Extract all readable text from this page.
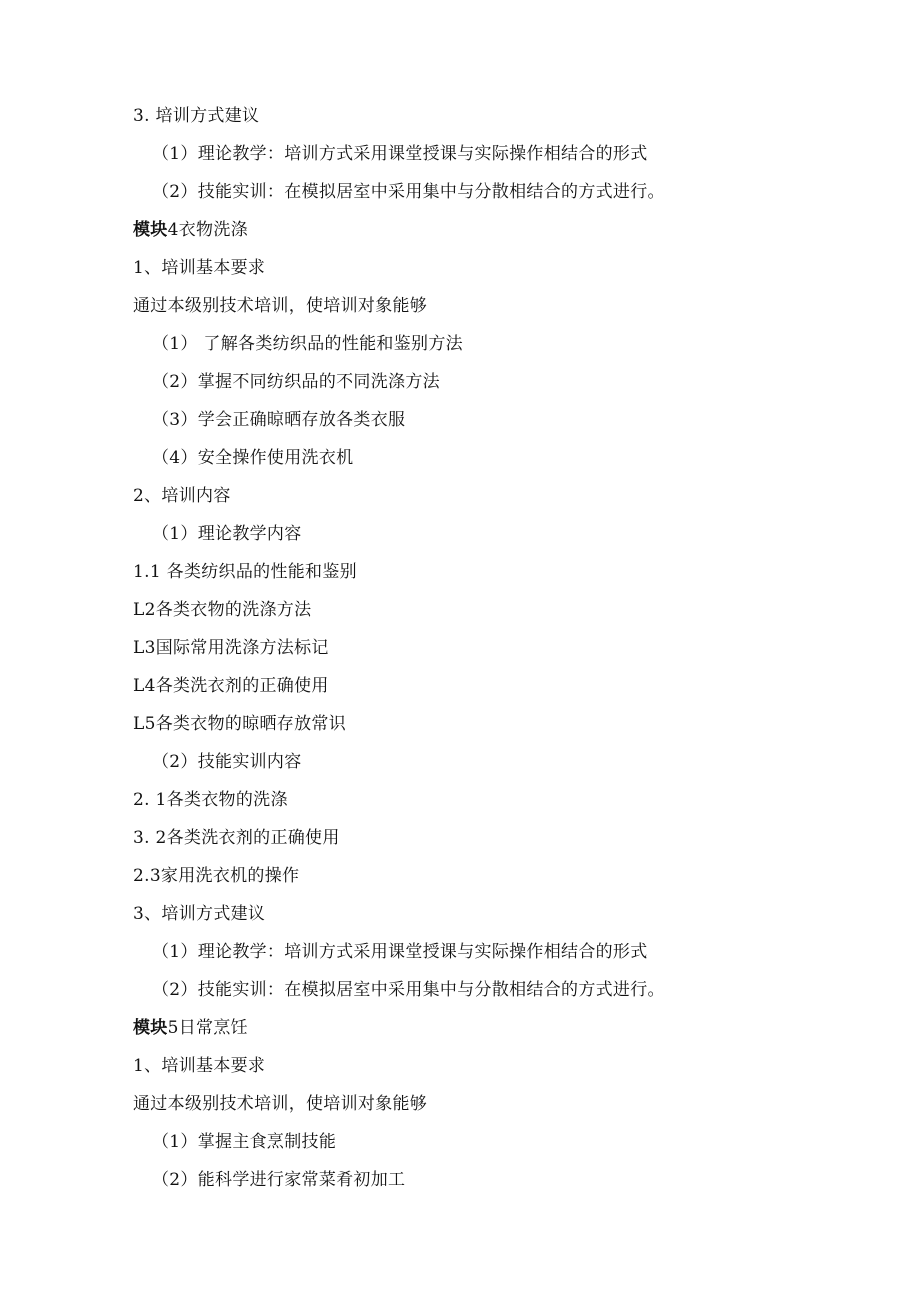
3. 培训方式建议
（1）理论教学：培训方式采用课堂授课与实际操作相结合的形式
（2）技能实训：在模拟居室中采用集中与分散相结合的方式进行。
模块4衣物洗涤
1、培训基本要求
通过本级别技术培训，使培训对象能够
（1） 了解各类纺织品的性能和鉴别方法
（2）掌握不同纺织品的不同洗涤方法
（3）学会正确晾晒存放各类衣服
（4）安全操作使用洗衣机
2、培训内容
（1）理论教学内容
1.1 各类纺织品的性能和鉴别
L2各类衣物的洗涤方法
L3国际常用洗涤方法标记
L4各类洗衣剂的正确使用
L5各类衣物的晾晒存放常识
（2）技能实训内容
2. 1各类衣物的洗涤
3. 2各类洗衣剂的正确使用
2.3家用洗衣机的操作
3、培训方式建议
（1）理论教学：培训方式采用课堂授课与实际操作相结合的形式
（2）技能实训：在模拟居室中采用集中与分散相结合的方式进行。
模块5日常烹饪
1、培训基本要求
通过本级别技术培训，使培训对象能够
（1）掌握主食烹制技能
（2）能科学进行家常菜肴初加工
